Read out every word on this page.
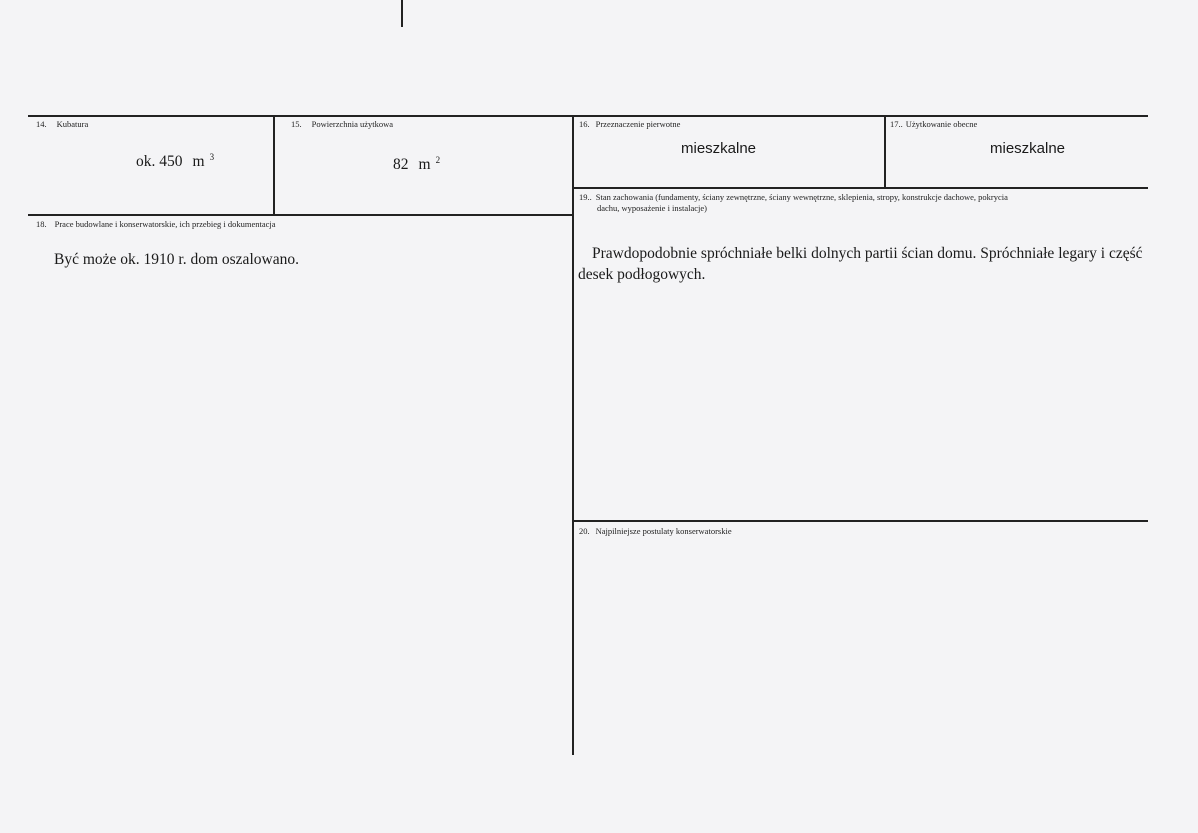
14. Kubatura
ok. 450 m $^3$
15. Powierzchnia użytkowa
82 m $^2$
16. Przeznaczenie pierwotne
mieszkalne
17.. Użytkowanie obecne
mieszkalne
18. Prace budowlane i konserwatorskie, ich przebieg i dokumentacja
Być może ok. 1910 r. dom oszalowano.
19.. Stan zachowania (fundamenty, ściany zewnętrzne, ściany wewnętrzne, sklepienia, stropy, konstrukcje dachowe, pokrycia
dachu, wyposażenie i instalacje)
Prawdopodobnie spróchniałe belki dolnych partii ścian domu. Spróchniałe legary i część desek podłogowych.
20. Najpilniejsze postulaty konserwatorskie
